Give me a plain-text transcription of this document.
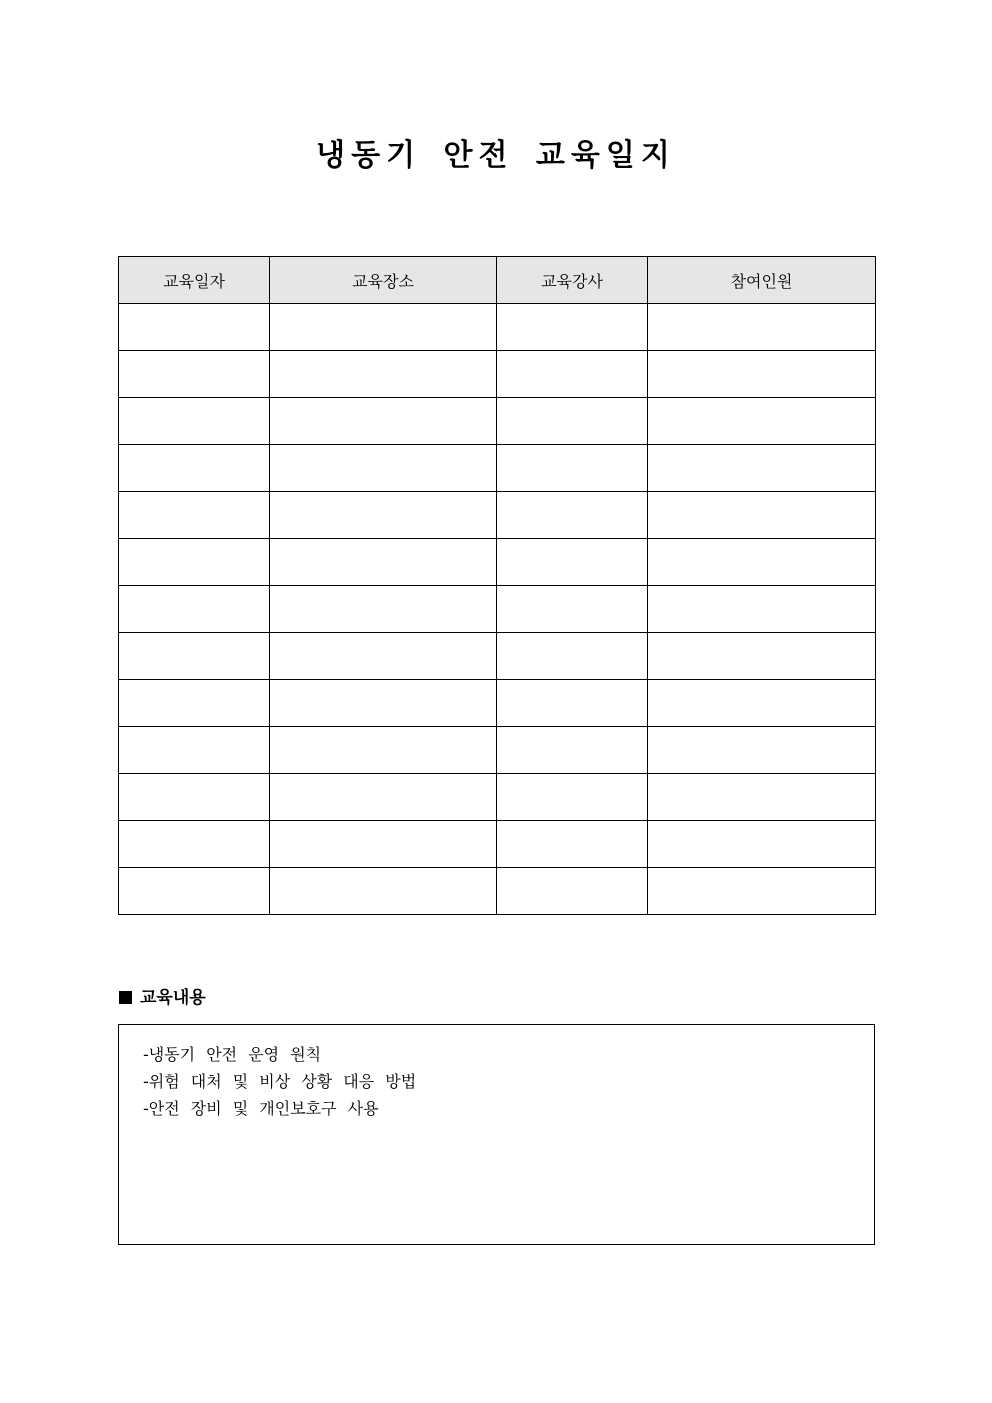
냉동기 안전 교육일지
교육일자	교육장소	교육강사	참여인원

교육내용
-냉동기 안전 운영 원칙
-위험 대처 및 비상 상황 대응 방법
-안전 장비 및 개인보호구 사용
